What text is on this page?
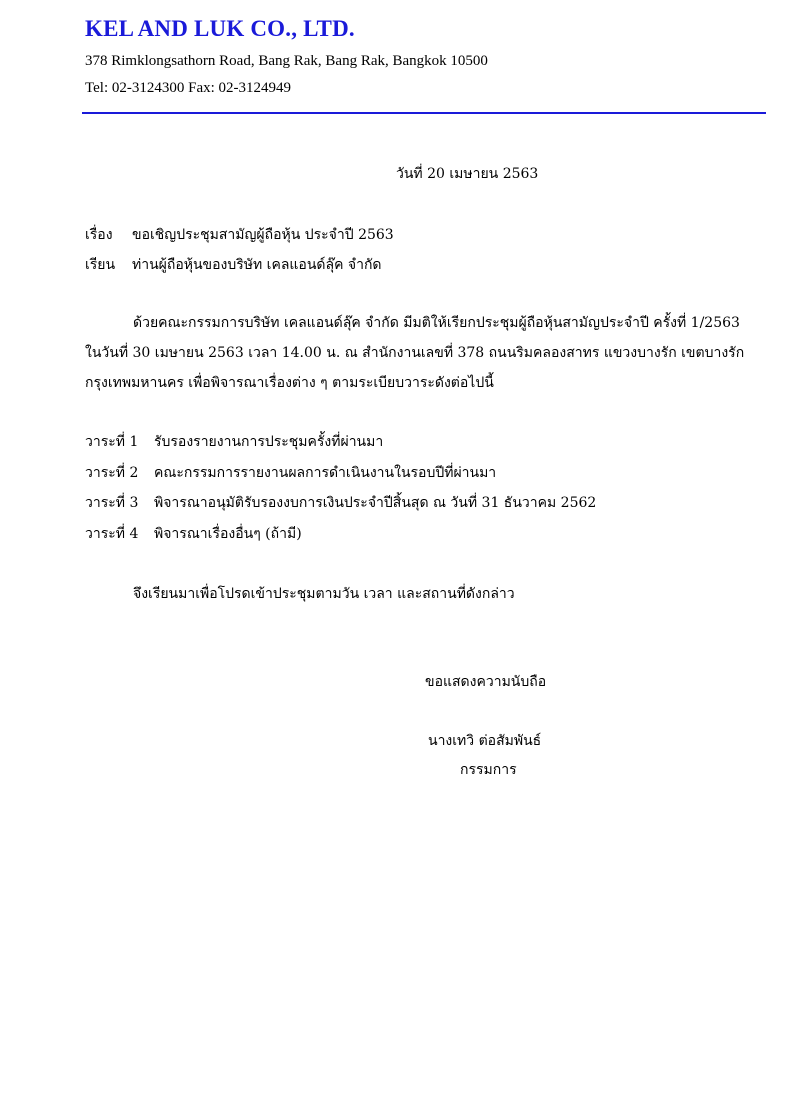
KEL AND LUK CO., LTD.
378 Rimklongsathorn Road, Bang Rak, Bang Rak, Bangkok 10500
Tel: 02-3124300 Fax: 02-3124949
วันที่ 20 เมษายน 2563
เรื่อง ขอเชิญประชุมสามัญผู้ถือหุ้น ประจำปี 2563
เรียน ท่านผู้ถือหุ้นของบริษัท เคลแอนด์ลุ๊ค จำกัด
ด้วยคณะกรรมการบริษัท เคลแอนด์ลุ๊ค จำกัด มีมติให้เรียกประชุมผู้ถือหุ้นสามัญประจำปี ครั้งที่ 1/2563
ในวันที่ 30 เมษายน 2563 เวลา 14.00 น. ณ สำนักงานเลขที่ 378 ถนนริมคลองสาทร แขวงบางรัก เขตบางรัก
กรุงเทพมหานคร เพื่อพิจารณาเรื่องต่าง ๆ ตามระเบียบวาระดังต่อไปนี้
วาระที่ 1 รับรองรายงานการประชุมครั้งที่ผ่านมา
วาระที่ 2 คณะกรรมการรายงานผลการดำเนินงานในรอบปีที่ผ่านมา
วาระที่ 3 พิจารณาอนุมัติรับรองงบการเงินประจำปีสิ้นสุด ณ วันที่ 31 ธันวาคม 2562
วาระที่ 4 พิจารณาเรื่องอื่นๆ (ถ้ามี)
จึงเรียนมาเพื่อโปรดเข้าประชุมตามวัน เวลา และสถานที่ดังกล่าว
ขอแสดงความนับถือ
นางเทวิ ต่อสัมพันธ์
กรรมการ
